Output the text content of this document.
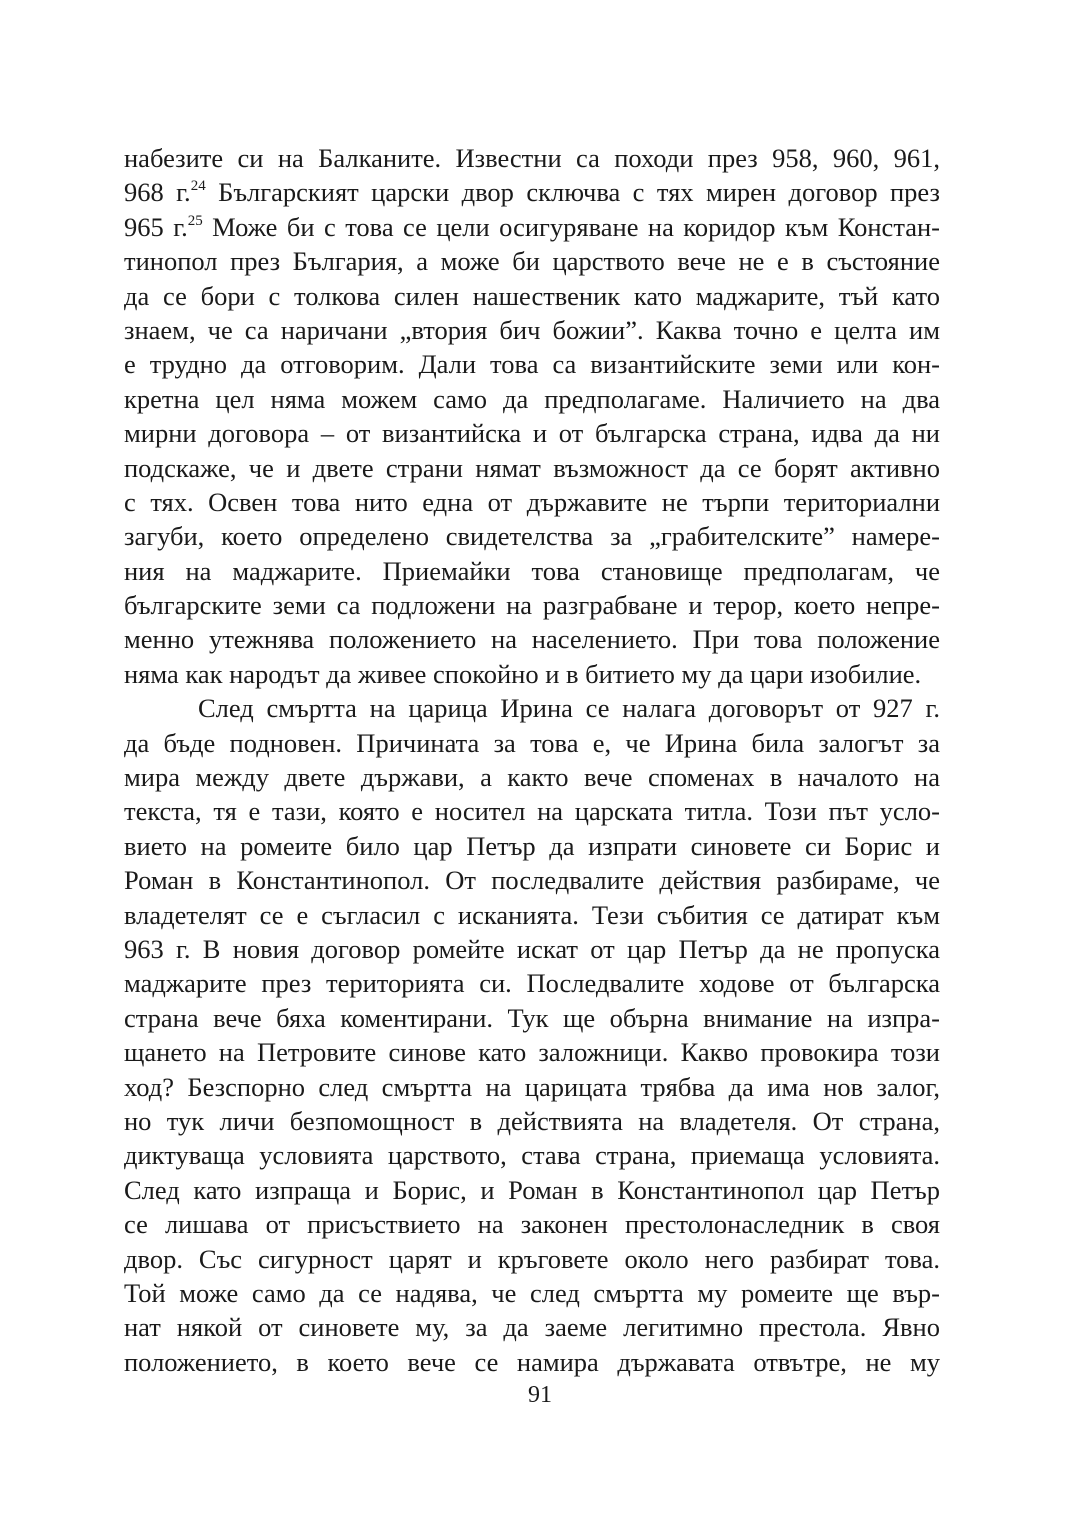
набезите си на Балканите. Известни са походи през 958, 960, 961,
968 г.$^{24}$ Българският царски двор сключва с тях мирен договор през
965 г.$^{25}$ Може би с това се цели осигуряване на коридор към Констан-
тинопол през България, а може би царството вече не е в състояние
да се бори с толкова силен нашественик като маджарите, тъй като
знаем, че са наричани „втория бич божии”. Каква точно е целта им
е трудно да отговорим. Дали това са византийските земи или кон-
кретна цел няма можем само да предполагаме. Наличието на два
мирни договора – от византийска и от българска страна, идва да ни
подскаже, че и двете страни нямат възможност да се борят активно
с тях. Освен това нито една от държавите не търпи териториални
загуби, което определено свидетелства за „грабителските” намере-
ния на маджарите. Приемайки това становище предполагам, че
българските земи са подложени на разграбване и терор, което непре-
менно утежнява положението на населението. При това положение
няма как народът да живее спокойно и в битието му да цари изобилие.
След смъртта на царица Ирина се налага договорът от 927 г.
да бъде подновен. Причината за това е, че Ирина била залогът за
мира между двете държави, а както вече споменах в началото на
текста, тя е тази, която е носител на царската титла. Този път усло-
вието на ромеите било цар Петър да изпрати синовете си Борис и
Роман в Константинопол. От последвалите действия разбираме, че
владетелят се е съгласил с исканията. Тези събития се датират към
963 г. В новия договор ромейте искат от цар Петър да не пропуска
маджарите през територията си. Последвалите ходове от българска
страна вече бяха коментирани. Тук ще обърна внимание на изпра-
щането на Петровите синове като заложници. Какво провокира този
ход? Безспорно след смъртта на царицата трябва да има нов залог,
но тук личи безпомощност в действията на владетеля. От страна,
диктуваща условията царството, става страна, приемаща условията.
След като изпраща и Борис, и Роман в Константинопол цар Петър
се лишава от присъствието на законен престолонаследник в своя
двор. Със сигурност царят и кръговете около него разбират това.
Той може само да се надява, че след смъртта му ромеите ще вър-
нат някой от синовете му, за да заеме легитимно престола. Явно
положението, в което вече се намира държавата отвътре, не му
91
